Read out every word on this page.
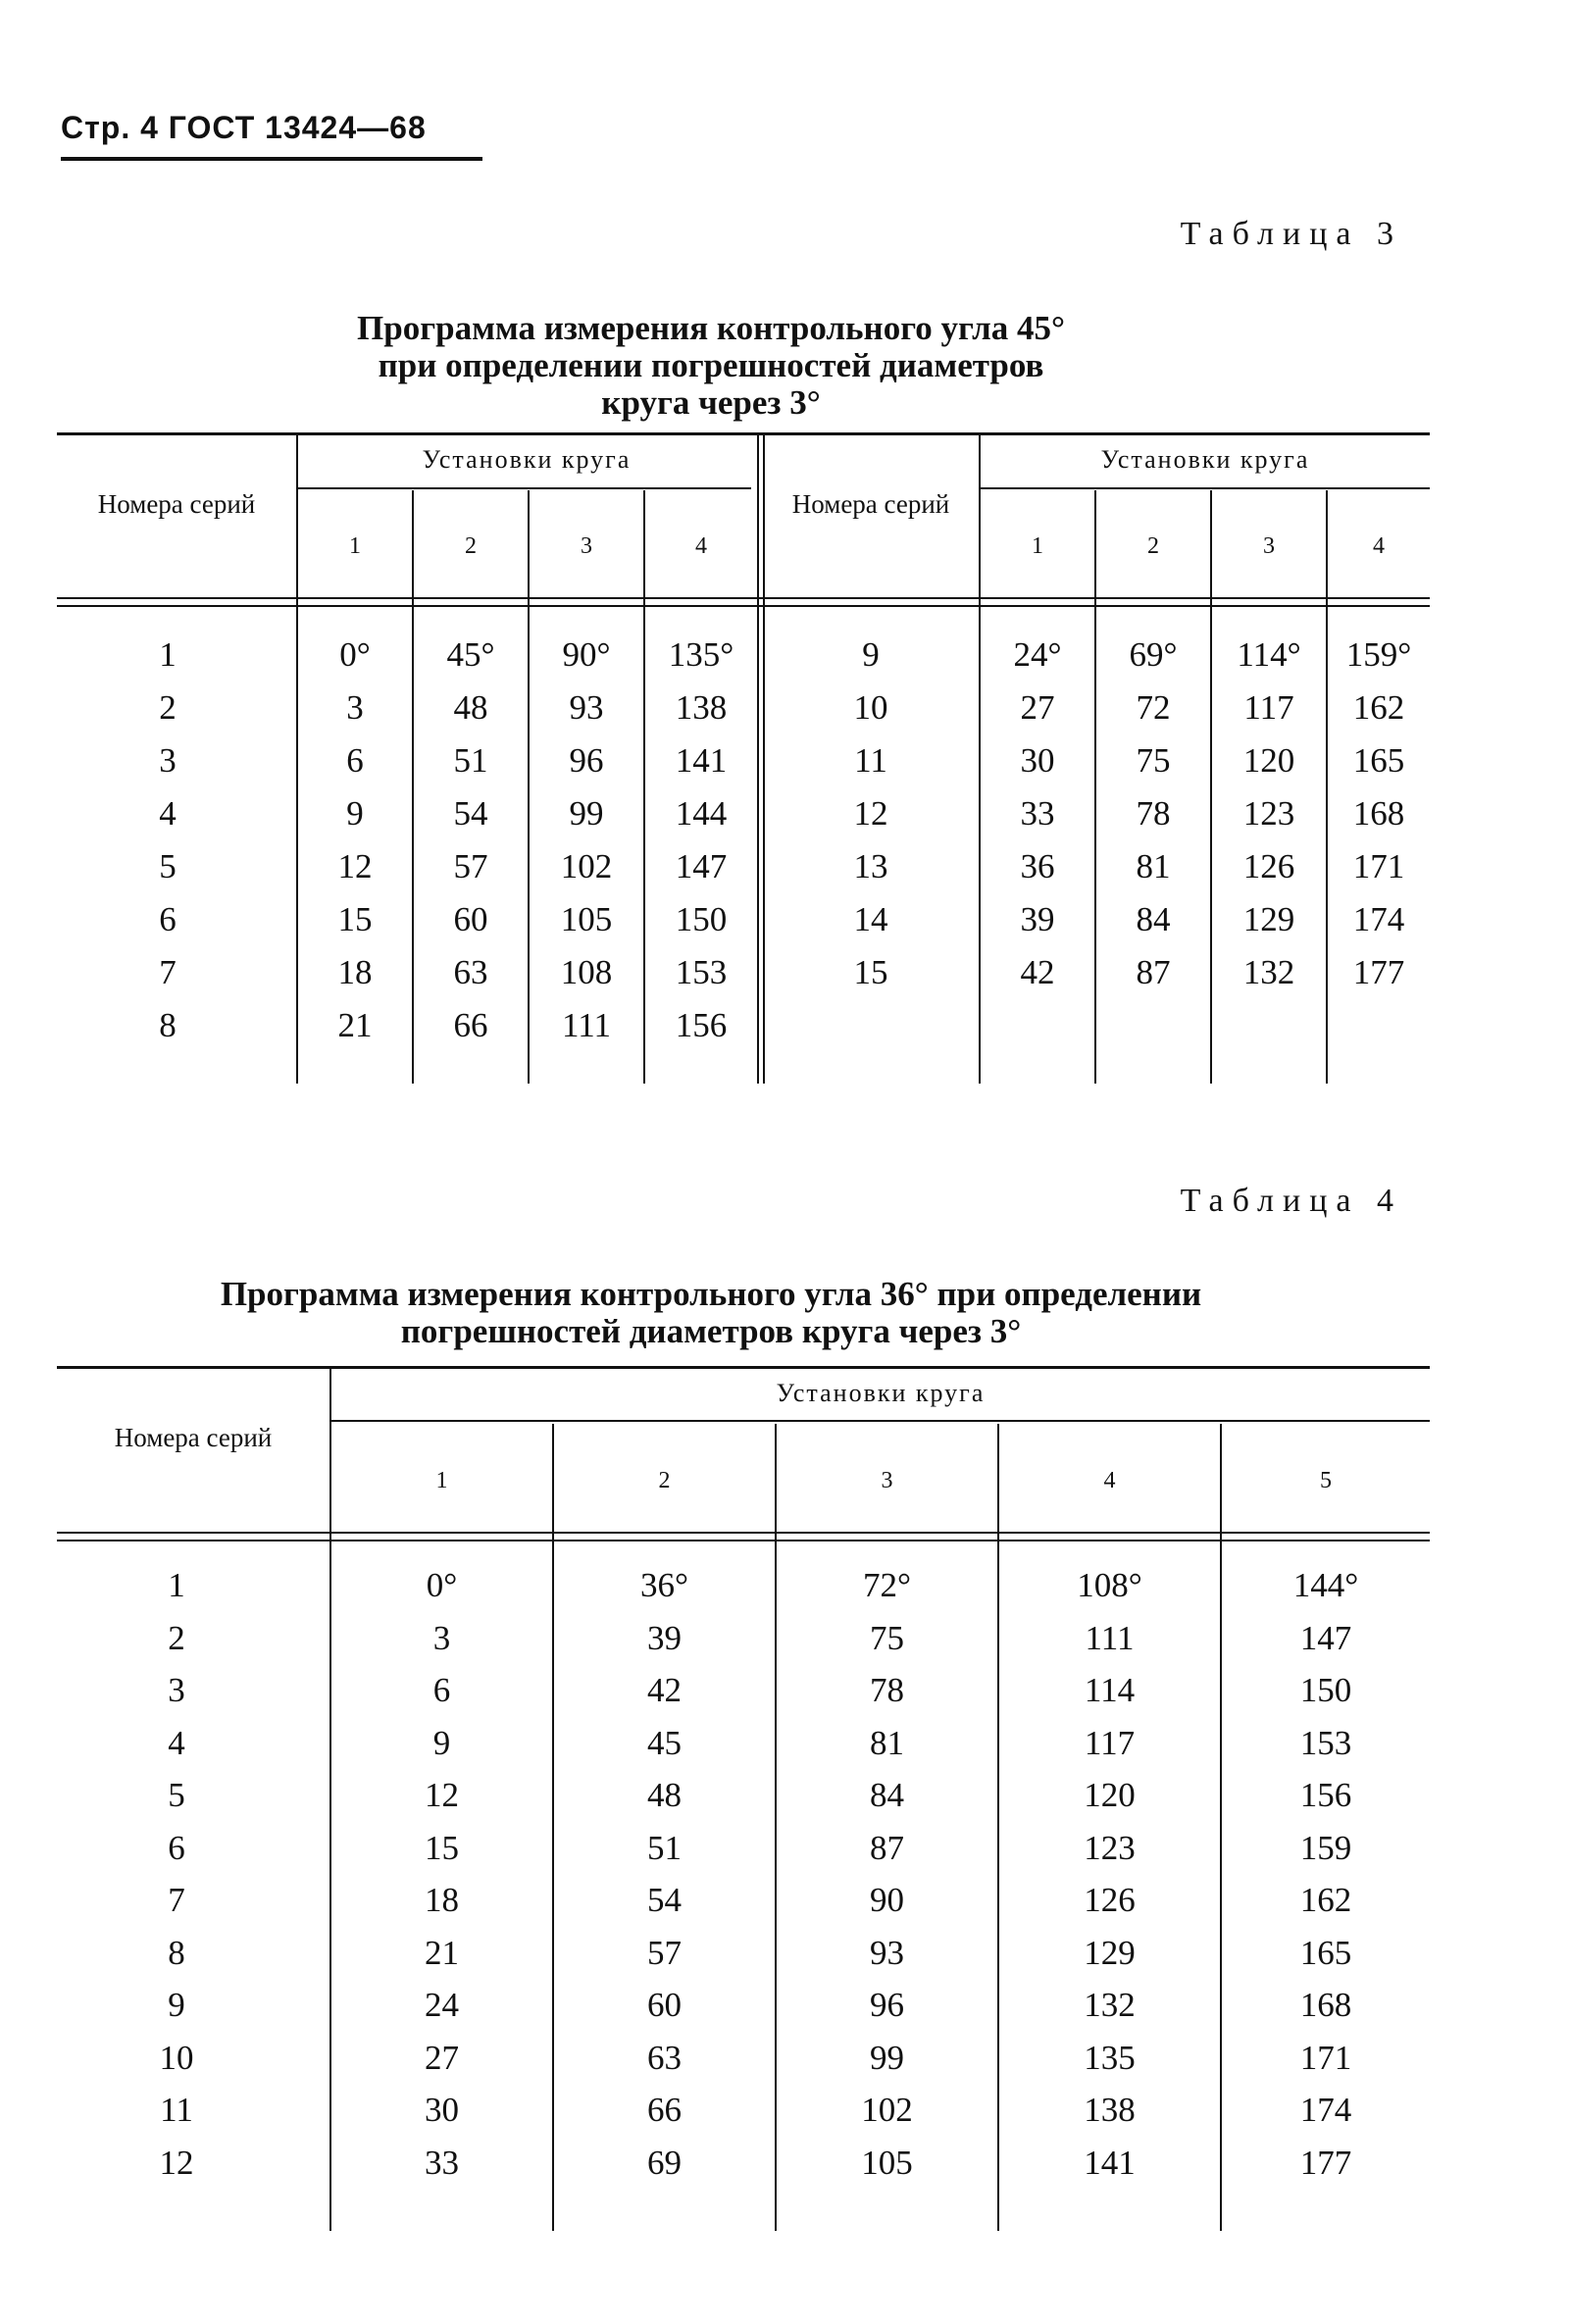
Стр. 4 ГОСТ 13424—68
Таблица 3
Программа измерения контрольного угла 45°
при определении погрешностей диаметров
круга через 3°
Номера серий	Номера серий
Установки круга	Установки круга
1	2	3	4	1	2	3	4
1	0°	45°	90°	135°
2	3	48	93	138
3	6	51	96	141
4	9	54	99	144
5	12	57	102	147
6	15	60	105	150
7	18	63	108	153
8	21	66	111	156
9	24°	69°	114°	159°
10	27	72	117	162
11	30	75	120	165
12	33	78	123	168
13	36	81	126	171
14	39	84	129	174
15	42	87	132	177
Таблица 4
Программа измерения контрольного угла 36° при определении
погрешностей диаметров круга через 3°
Номера серий
Установки круга
1	2	3	4	5
1	0°	36°	72°	108°	144°
2	3	39	75	111	147
3	6	42	78	114	150
4	9	45	81	117	153
5	12	48	84	120	156
6	15	51	87	123	159
7	18	54	90	126	162
8	21	57	93	129	165
9	24	60	96	132	168
10	27	63	99	135	171
11	30	66	102	138	174
12	33	69	105	141	177
